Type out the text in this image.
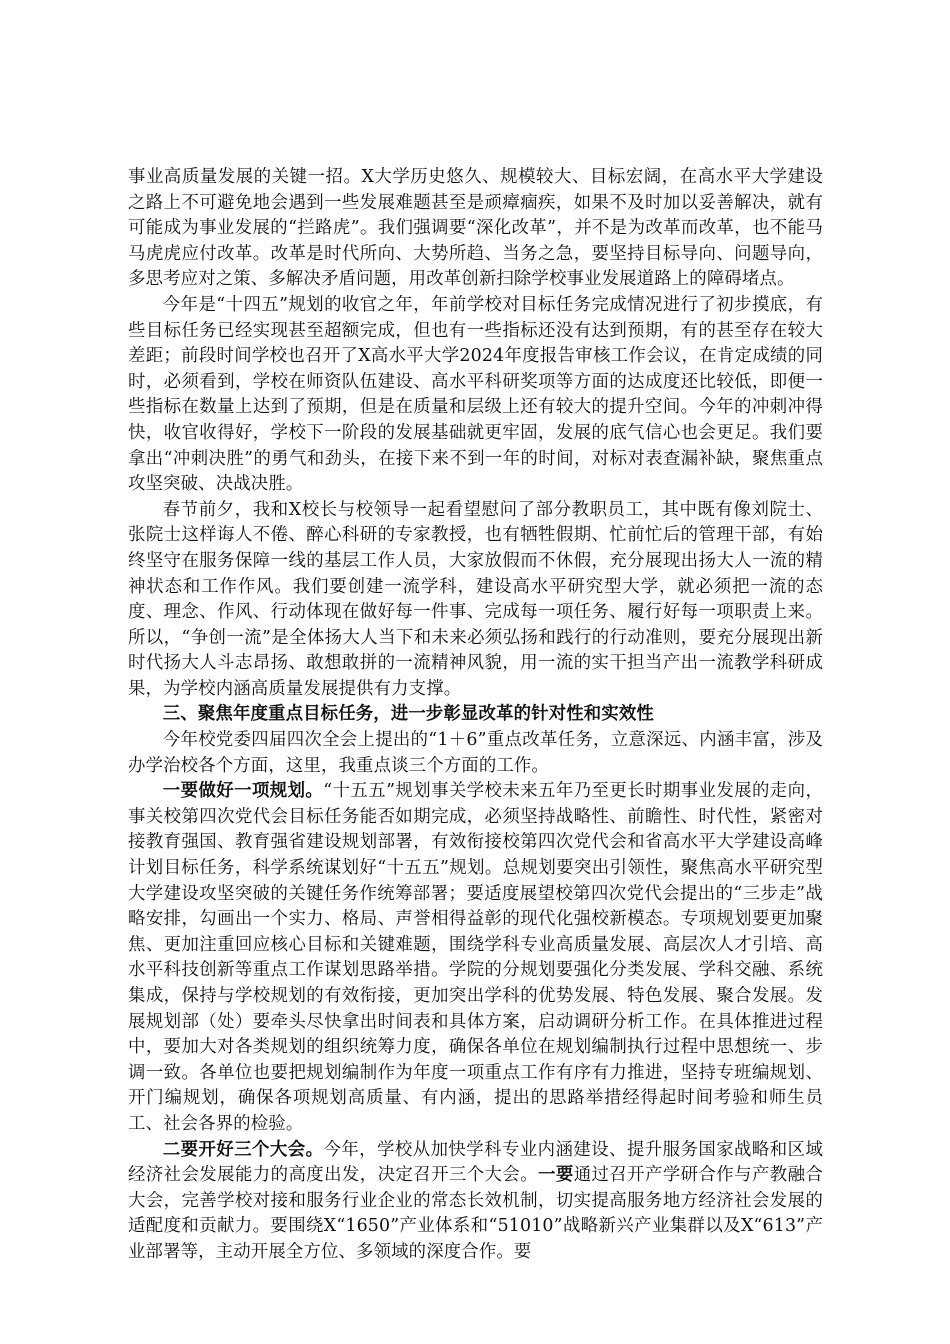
事业高质量发展的关键一招。X大学历史悠久、规模较大、目标宏阔，在高水平大学建设之路上不可避免地会遇到一些发展难题甚至是顽瘴痼疾，如果不及时加以妥善解决，就有可能成为事业发展的“拦路虎”。我们强调要“深化改革”，并不是为改革而改革，也不能马马虎虎应付改革。改革是时代所向、大势所趋、当务之急，要坚持目标导向、问题导向，多思考应对之策、多解决矛盾问题，用改革创新扫除学校事业发展道路上的障碍堵点。

今年是“十四五”规划的收官之年，年前学校对目标任务完成情况进行了初步摸底，有些目标任务已经实现甚至超额完成，但也有一些指标还没有达到预期，有的甚至存在较大差距；前段时间学校也召开了X高水平大学2024年度报告审核工作会议，在肯定成绩的同时，必须看到，学校在师资队伍建设、高水平科研奖项等方面的达成度还比较低，即便一些指标在数量上达到了预期，但是在质量和层级上还有较大的提升空间。今年的冲刺冲得快，收官收得好，学校下一阶段的发展基础就更牢固，发展的底气信心也会更足。我们要拿出“冲刺决胜”的勇气和劲头，在接下来不到一年的时间，对标对表查漏补缺，聚焦重点攻坚突破、决战决胜。

春节前夕，我和X校长与校领导一起看望慰问了部分教职员工，其中既有像刘院士、张院士这样诲人不倦、醉心科研的专家教授，也有牺牲假期、忙前忙后的管理干部，有始终坚守在服务保障一线的基层工作人员，大家放假而不休假，充分展现出扬大人一流的精神状态和工作作风。我们要创建一流学科，建设高水平研究型大学，就必须把一流的态度、理念、作风、行动体现在做好每一件事、完成每一项任务、履行好每一项职责上来。所以，“争创一流”是全体扬大人当下和未来必须弘扬和践行的行动准则，要充分展现出新时代扬大人斗志昂扬、敢想敢拼的一流精神风貌，用一流的实干担当产出一流教学科研成果，为学校内涵高质量发展提供有力支撑。

三、聚焦年度重点目标任务，进一步彰显改革的针对性和实效性

今年校党委四届四次全会上提出的“1＋6”重点改革任务，立意深远、内涵丰富，涉及办学治校各个方面，这里，我重点谈三个方面的工作。

一要做好一项规划。“十五五”规划事关学校未来五年乃至更长时期事业发展的走向，事关校第四次党代会目标任务能否如期完成，必须坚持战略性、前瞻性、时代性，紧密对接教育强国、教育强省建设规划部署，有效衔接校第四次党代会和省高水平大学建设高峰计划目标任务，科学系统谋划好“十五五”规划。总规划要突出引领性，聚焦高水平研究型大学建设攻坚突破的关键任务作统筹部署；要适度展望校第四次党代会提出的“三步走”战略安排，勾画出一个实力、格局、声誉相得益彰的现代化强校新模态。专项规划要更加聚焦、更加注重回应核心目标和关键难题，围绕学科专业高质量发展、高层次人才引培、高水平科技创新等重点工作谋划思路举措。学院的分规划要强化分类发展、学科交融、系统集成，保持与学校规划的有效衔接，更加突出学科的优势发展、特色发展、聚合发展。发展规划部（处）要牵头尽快拿出时间表和具体方案，启动调研分析工作。在具体推进过程中，要加大对各类规划的组织统筹力度，确保各单位在规划编制执行过程中思想统一、步调一致。各单位也要把规划编制作为年度一项重点工作有序有力推进，坚持专班编规划、开门编规划，确保各项规划高质量、有内涵，提出的思路举措经得起时间考验和师生员工、社会各界的检验。

二要开好三个大会。今年，学校从加快学科专业内涵建设、提升服务国家战略和区域经济社会发展能力的高度出发，决定召开三个大会。一要通过召开产学研合作与产教融合大会，完善学校对接和服务行业企业的常态长效机制，切实提高服务地方经济社会发展的适配度和贡献力。要围绕X“1650”产业体系和“51010”战略新兴产业集群以及X“613”产业部署等，主动开展全方位、多领域的深度合作。要
